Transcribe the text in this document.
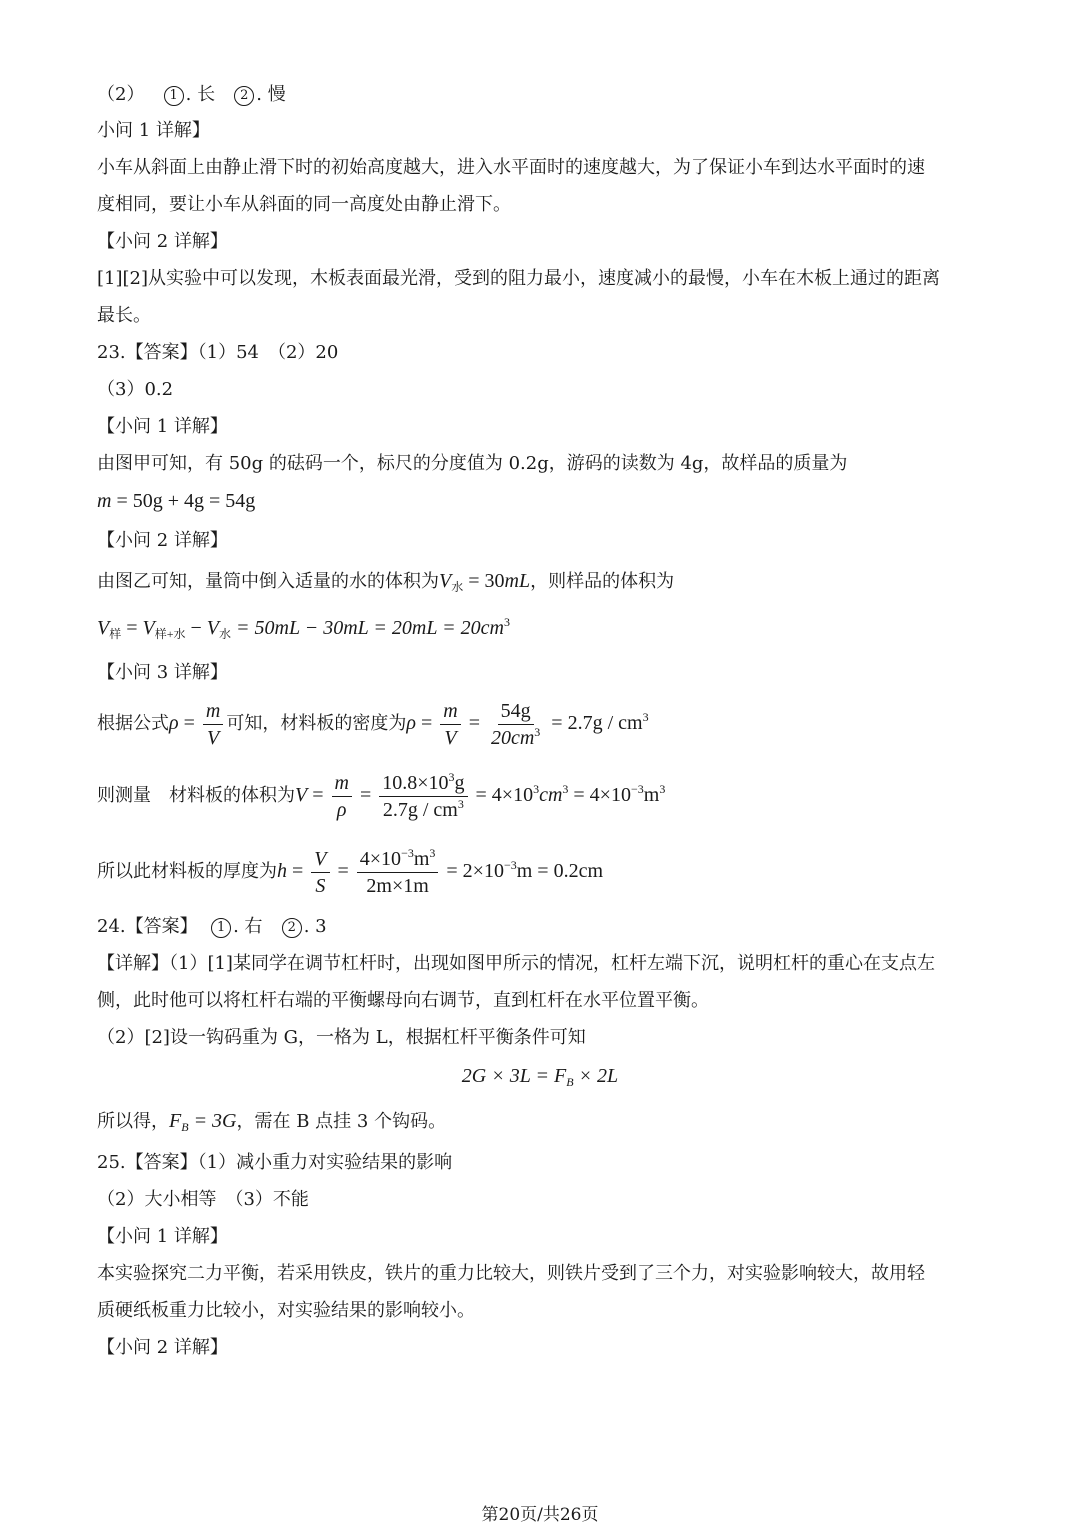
（2） 1 . 长 2 . 慢
小问 1 详解】
小车从斜面上由静止滑下时的初始高度越大，进入水平面时的速度越大，为了保证小车到达水平面时的速
度相同，要让小车从斜面的同一高度处由静止滑下。
【小问 2 详解】
[1][2]从实验中可以发现，木板表面最光滑，受到的阻力最小，速度减小的最慢，小车在木板上通过的距离
最长。
23.【答案】（1）54　（2）20
（3）0.2
【小问 1 详解】
由图甲可知，有 50g 的砝码一个，标尺的分度值为 0.2g，游码的读数为 4g，故样品的质量为
m = 50g + 4g = 54g
【小问 2 详解】
由图乙可知，量筒中倒入适量的水的体积为$V_水 = 30mL$，则样品的体积为
$V_样 = V_{样+水} - V_水 = 50mL - 30mL = 20mL = 20cm^3$
【小问 3 详解】
根据公式$\rho = \frac{m}{V}$ 可知，材料板的密度为$\rho = \frac{m}{V} = \frac{54g}{20cm^3} = 2.7g / cm^3$
则测量　材料板的体积为$V = \frac{m}{\rho} = \frac{10.8\times 10^3g}{2.7g / cm^3} = 4\times 10^3cm^3 = 4\times 10^{-3}m^3$
所以此材料板的厚度为$h = \frac{V}{S} = \frac{4\times 10^{-3}m^3}{2m\times 1m} = 2\times 10^{-3}m = 0.2cm$
24.【答案】 1 . 右 2 . 3
【详解】（1）[1]某同学在调节杠杆时，出现如图甲所示的情况，杠杆左端下沉，说明杠杆的重心在支点左
侧，此时他可以将杠杆右端的平衡螺母向右调节，直到杠杆在水平位置平衡。
（2）[2]设一钩码重为 G，一格为 L，根据杠杆平衡条件可知
$2G \times 3L = F_B \times 2L$
所以得，$F_B = 3G$，需在 B 点挂 3 个钩码。
25.【答案】（1）减小重力对实验结果的影响
（2）大小相等　（3）不能
【小问 1 详解】
本实验探究二力平衡，若采用铁皮，铁片的重力比较大，则铁片受到了三个力，对实验影响较大，故用轻
质硬纸板重力比较小，对实验结果的影响较小。
【小问 2 详解】
第20页/共26页
